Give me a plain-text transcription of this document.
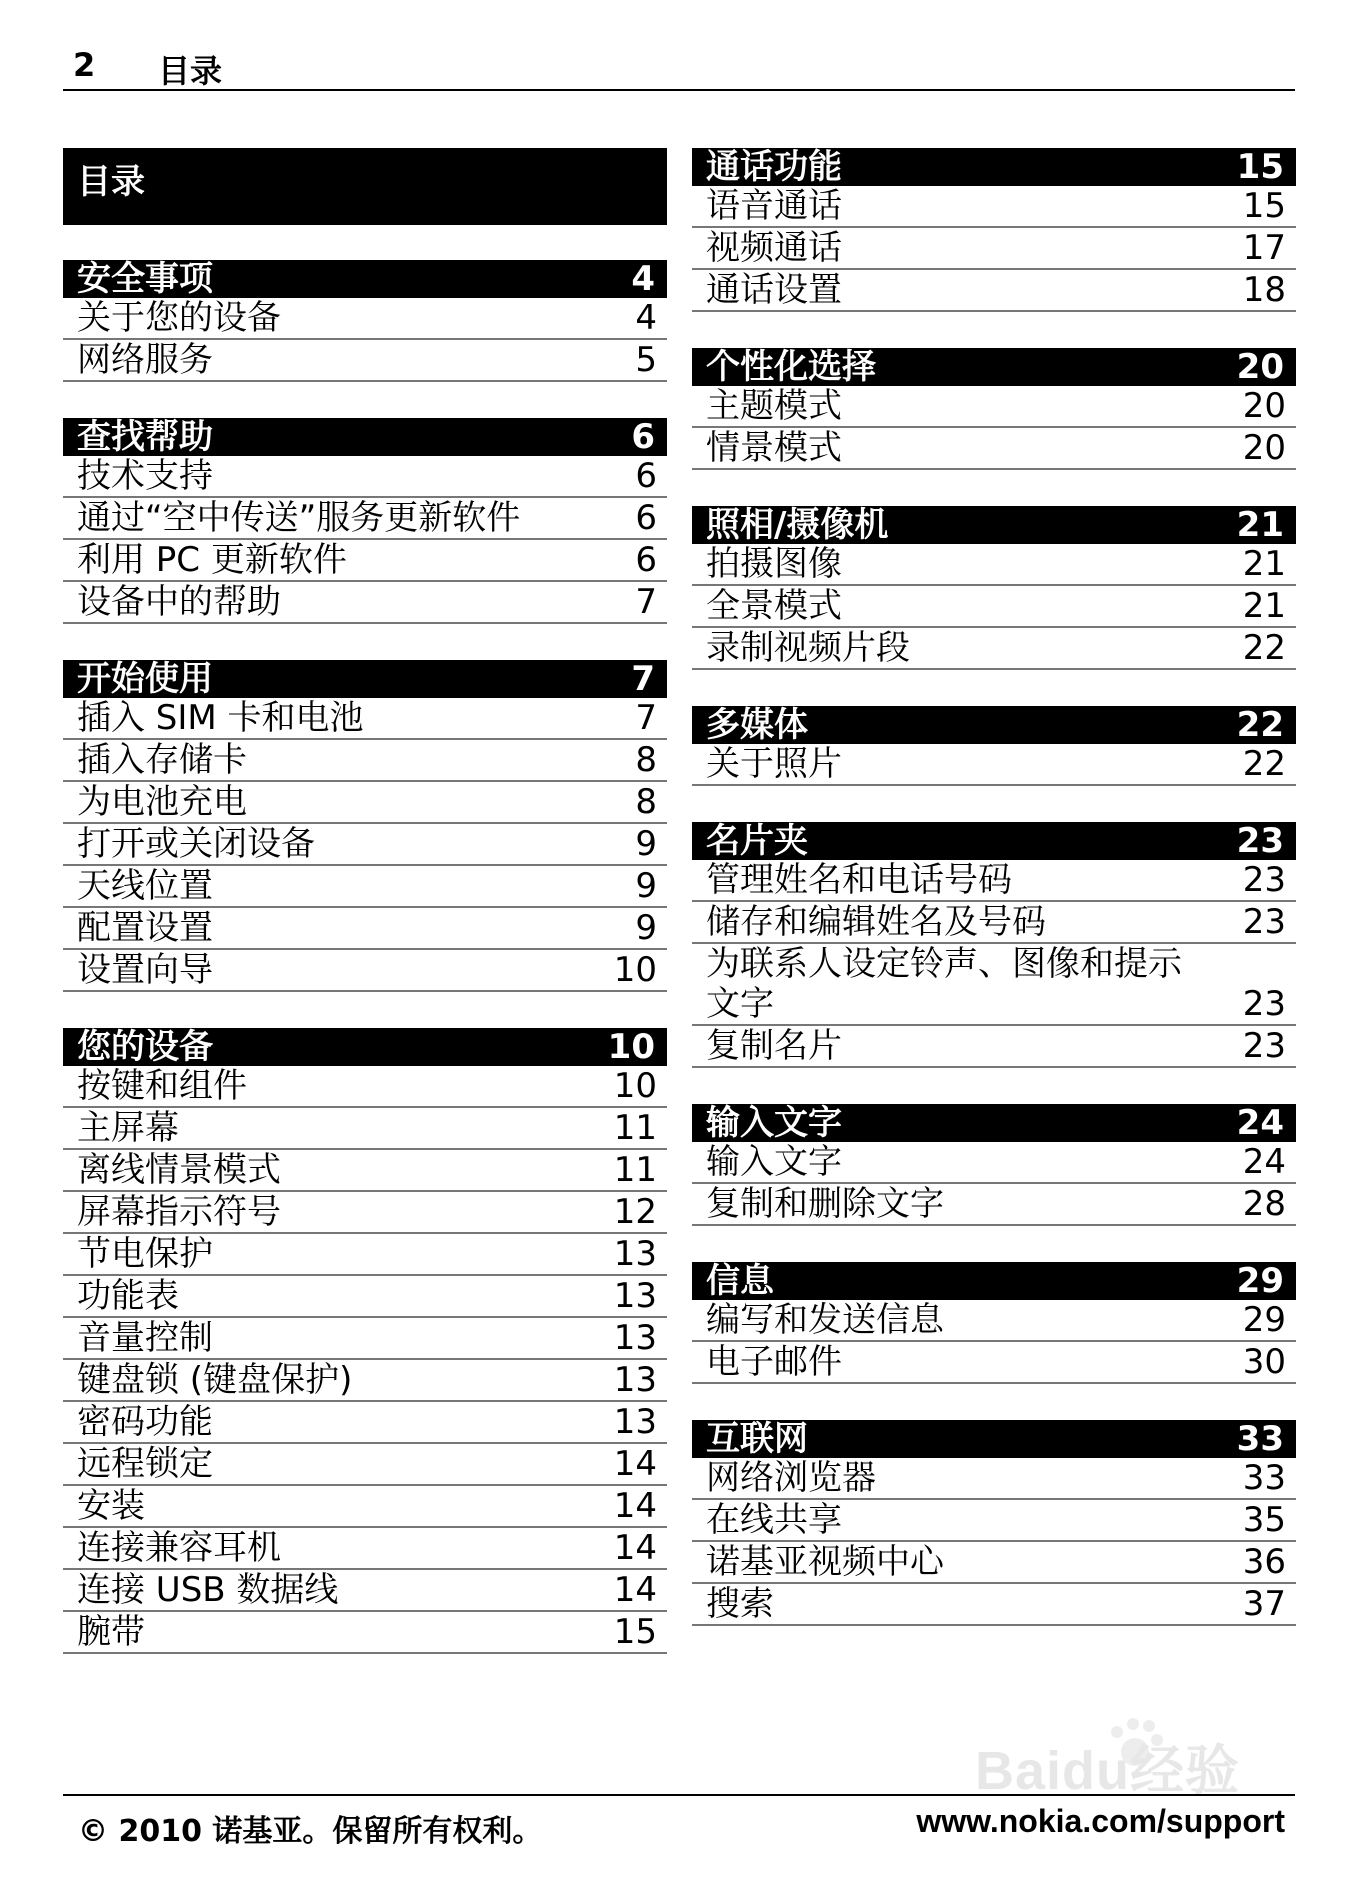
2 目录
目录
安全事项	4
关于您的设备	4
网络服务	5
查找帮助	6
技术支持	6
通过“空中传送”服务更新软件	6
利用 PC 更新软件	6
设备中的帮助	7
开始使用	7
插入 SIM 卡和电池	7
插入存储卡	8
为电池充电	8
打开或关闭设备	9
天线位置	9
配置设置	9
设置向导	10
您的设备	10
按键和组件	10
主屏幕	11
离线情景模式	11
屏幕指示符号	12
节电保护	13
功能表	13
音量控制	13
键盘锁 (键盘保护)	13
密码功能	13
远程锁定	14
安装	14
连接兼容耳机	14
连接 USB 数据线	14
腕带	15
通话功能	15
语音通话	15
视频通话	17
通话设置	18
个性化选择	20
主题模式	20
情景模式	20
照相/摄像机	21
拍摄图像	21
全景模式	21
录制视频片段	22
多媒体	22
关于照片	22
名片夹	23
管理姓名和电话号码	23
储存和编辑姓名及号码	23
为联系人设定铃声、图像和提示文字	23
复制名片	23
输入文字	24
输入文字	24
复制和删除文字	28
信息	29
编写和发送信息	29
电子邮件	30
互联网	33
网络浏览器	33
在线共享	35
诺基亚视频中心	36
搜索	37
Baidu经验
© 2010 诺基亚。保留所有权利。	www.nokia.com/support
